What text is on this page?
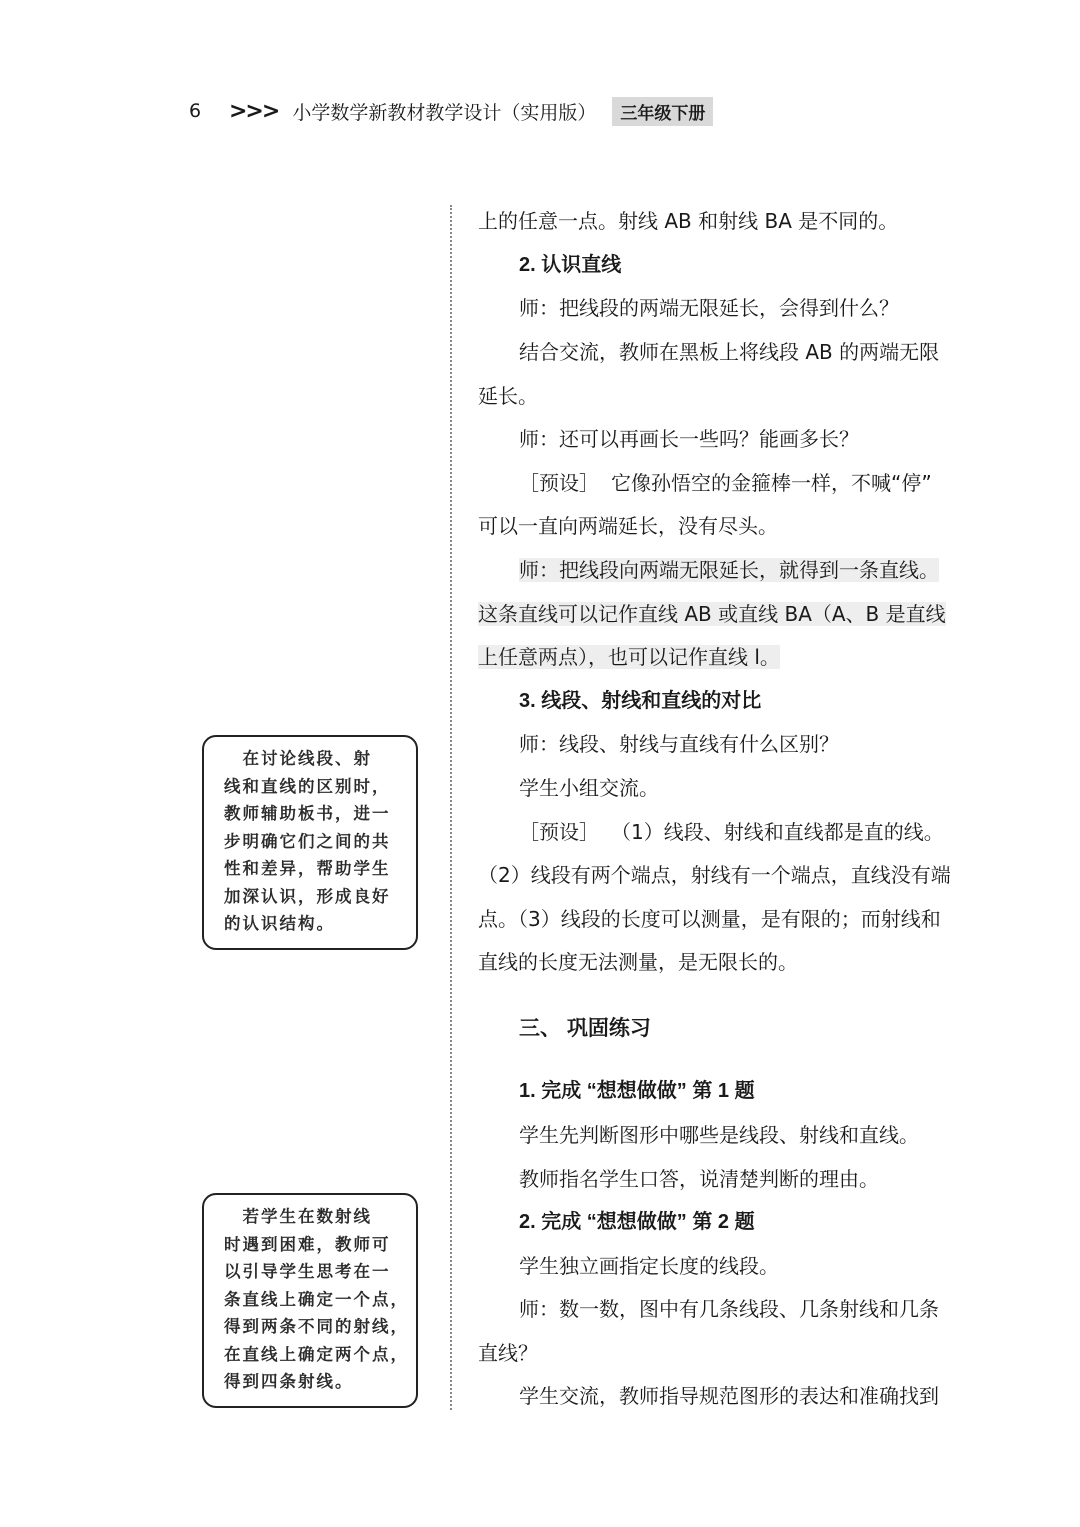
6	>>> 小学数学新教材教学设计（实用版）	三年级下册
上的任意一点。射线 AB 和射线 BA 是不同的。
2. 认识直线
师：把线段的两端无限延长，会得到什么？
结合交流，教师在黑板上将线段 AB 的两端无限
延长。
师：还可以再画长一些吗？能画多长？
［预设］ 它像孙悟空的金箍棒一样，不喊“停”
可以一直向两端延长，没有尽头。
师：把线段向两端无限延长，就得到一条直线。
这条直线可以记作直线 AB 或直线 BA（A、B 是直线
上任意两点），也可以记作直线 l。
3. 线段、射线和直线的对比
师：线段、射线与直线有什么区别？
学生小组交流。
［预设］ （1）线段、射线和直线都是直的线。
（2）线段有两个端点，射线有一个端点，直线没有端
点。（3）线段的长度可以测量，是有限的；而射线和
直线的长度无法测量，是无限长的。
三、 巩固练习
1. 完成 “想想做做” 第 1 题
学生先判断图形中哪些是线段、射线和直线。
教师指名学生口答，说清楚判断的理由。
2. 完成 “想想做做” 第 2 题
学生独立画指定长度的线段。
师：数一数，图中有几条线段、几条射线和几条
直线？
学生交流，教师指导规范图形的表达和准确找到
　在讨论线段、射
线和直线的区别时，
教师辅助板书，进一
步明确它们之间的共
性和差异，帮助学生
加深认识，形成良好
的认识结构。
　若学生在数射线
时遇到困难，教师可
以引导学生思考在一
条直线上确定一个点，
得到两条不同的射线，
在直线上确定两个点，
得到四条射线。
